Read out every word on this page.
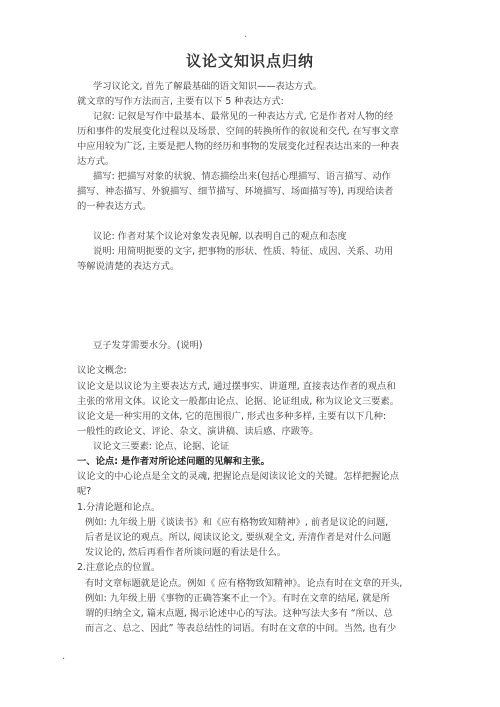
.
议论文知识点归纳
学习议论文, 首先了解最基础的语文知识——表达方式。
就文章的写作方法而言, 主要有以下 5 种表达方式:
记叙: 记叙是写作中最基本、最常见的一种表达方式, 它是作者对人物的经
历和事件的发展变化过程以及场景、空间的转换所作的叙说和交代, 在写事文章
中应用较为广泛, 主要是把人物的经历和事物的发展变化过程表达出来的一种表
达方式。
描写: 把描写对象的状貌、情态描绘出来(包括心理描写、语言描写、动作
描写、神态描写、外貌描写、细节描写、环境描写、场面描写等), 再现给读者
的一种表达方式。
议论: 作者对某个议论对象发表见解, 以表明自己的观点和态度
说明: 用简明扼要的文字, 把事物的形状、性质、特征、成因、关系、功用
等解说清楚的表达方式。
豆子发芽需要水分。(说明)
议论文概念:
议论文是以议论为主要表达方式, 通过摆事实、讲道理, 直接表达作者的观点和
主张的常用文体。议论文一般都由论点、论据、论证组成, 称为议论文三要素。
议论文是一种实用的文体, 它的范围很广, 形式也多种多样, 主要有以下几种:
一般性的政论文、评论、杂文、演讲稿、读后感、序跋等。
议论文三要素: 论点、论据、论证
一、论点: 是作者对所论述问题的见解和主张。
议论文的中心论点是全文的灵魂, 把握论点是阅读议论文的关键。怎样把握论点
呢?
1.分清论题和论点。
例如: 九年级上册《谈读书》和《应有格物致知精神》, 前者是议论的问题,
后者是议论的观点。所以, 阅读议论文, 要纵观全文, 弄清作者是对什么问题
发议论的, 然后再看作者所谈问题的看法是什么。
2.注意论点的位置。
有时文章标题就是论点。例如《 应有格物致知精神》。论点有时在文章的开头,
例如: 九年级上册《事物的正确答案不止一个》。有时在文章的结尾, 就是所
谓的归纳全文, 篇末点题, 揭示论述中心的写法。这种写法大多有 “所以、总
而言之、总之、因此” 等表总结性的词语。有时在文章的中间。当然, 也有少
.
